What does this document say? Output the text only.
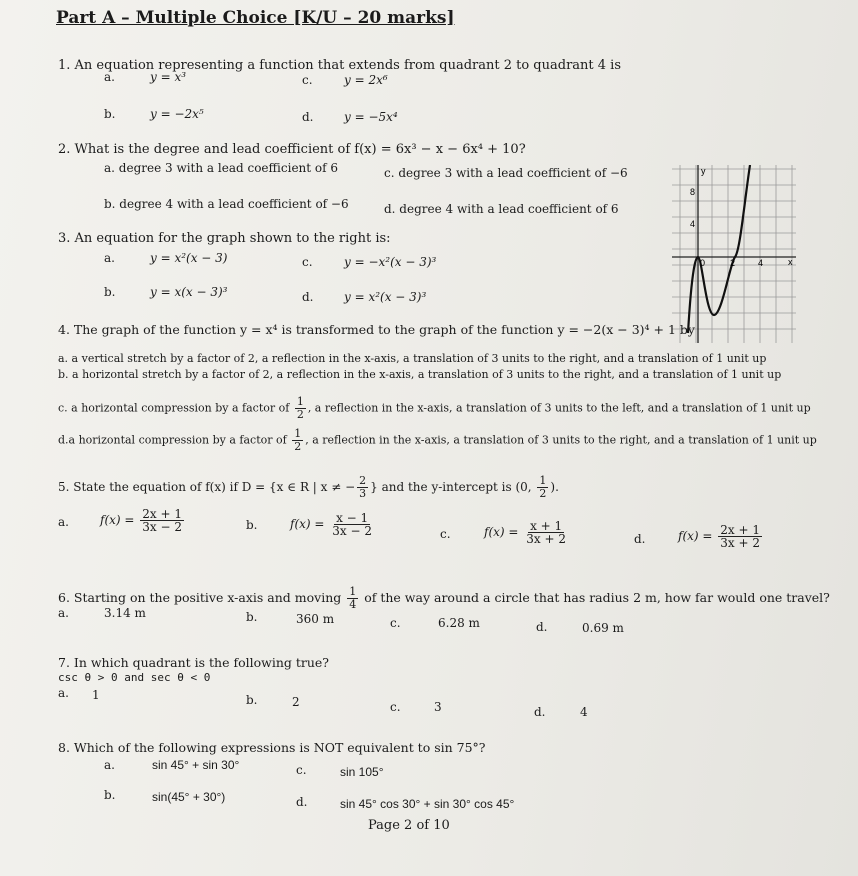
Part A – Multiple Choice [K/U – 20 marks]
1. An equation representing a function that extends from quadrant 2 to quadrant 4 is
a.	y = x³	c.	y = 2x⁶
b.	y = −2x⁵	d.	y = −5x⁴
2. What is the degree and lead coefficient of f(x) = 6x³ − x − 6x⁴ + 10?
a. degree 3 with a lead coefficient of 6	c. degree 3 with a lead coefficient of −6
b. degree 4 with a lead coefficient of −6	d. degree 4 with a lead coefficient of 6
y
x
8
4
0	2	4
3. An equation for the graph shown to the right is:
a.	y = x²(x − 3)	c.	y = −x²(x − 3)³
b.	y = x(x − 3)³	d.	y = x²(x − 3)³
4. The graph of the function y = x⁴ is transformed to the graph of the function y = −2(x − 3)⁴ + 1 by
a. a vertical stretch by a factor of 2, a reflection in the x-axis, a translation of 3 units to the right, and a translation of 1 unit up
b. a horizontal stretch by a factor of 2, a reflection in the x-axis, a translation of 3 units to the right, and a translation of 1 unit up
c. a horizontal compression by a factor of $\frac{1}{2}$ , a reflection in the x-axis, a translation of 3 units to the left, and a translation of 1 unit up
d.a horizontal compression by a factor of $\frac{1}{2}$ , a reflection in the x-axis, a translation of 3 units to the right, and a translation of 1 unit up
5. State the equation of f(x) if D = {x ∈ R | x ≠ − $\frac{2}{3}$ } and the y-intercept is (0, $\frac{1}{2}$ ).
a.	$f(x) = \frac{2x + 1}{3x - 2}$	b.	$f(x) = \frac{x - 1}{3x - 2}$	c.	$f(x) = \frac{x + 1}{3x + 2}$	d.	$f(x) = \frac{2x + 1}{3x + 2}$
6. Starting on the positive x-axis and moving $\frac{1}{4}$ of the way around a circle that has radius 2 m, how far would one travel?
a.	3.14 m	b.	360 m	c.	6.28 m	d.	0.69 m
7. In which quadrant is the following true?
csc θ > 0 and sec θ < 0
a. 1	b.	2	c.	3	d.	4
8. Which of the following expressions is NOT equivalent to sin 75°?
a.	sin 45° + sin 30°	c.	sin 105°
b.	sin(45° + 30°)	d.	sin 45° cos 30° + sin 30° cos 45°
Page 2 of 10
